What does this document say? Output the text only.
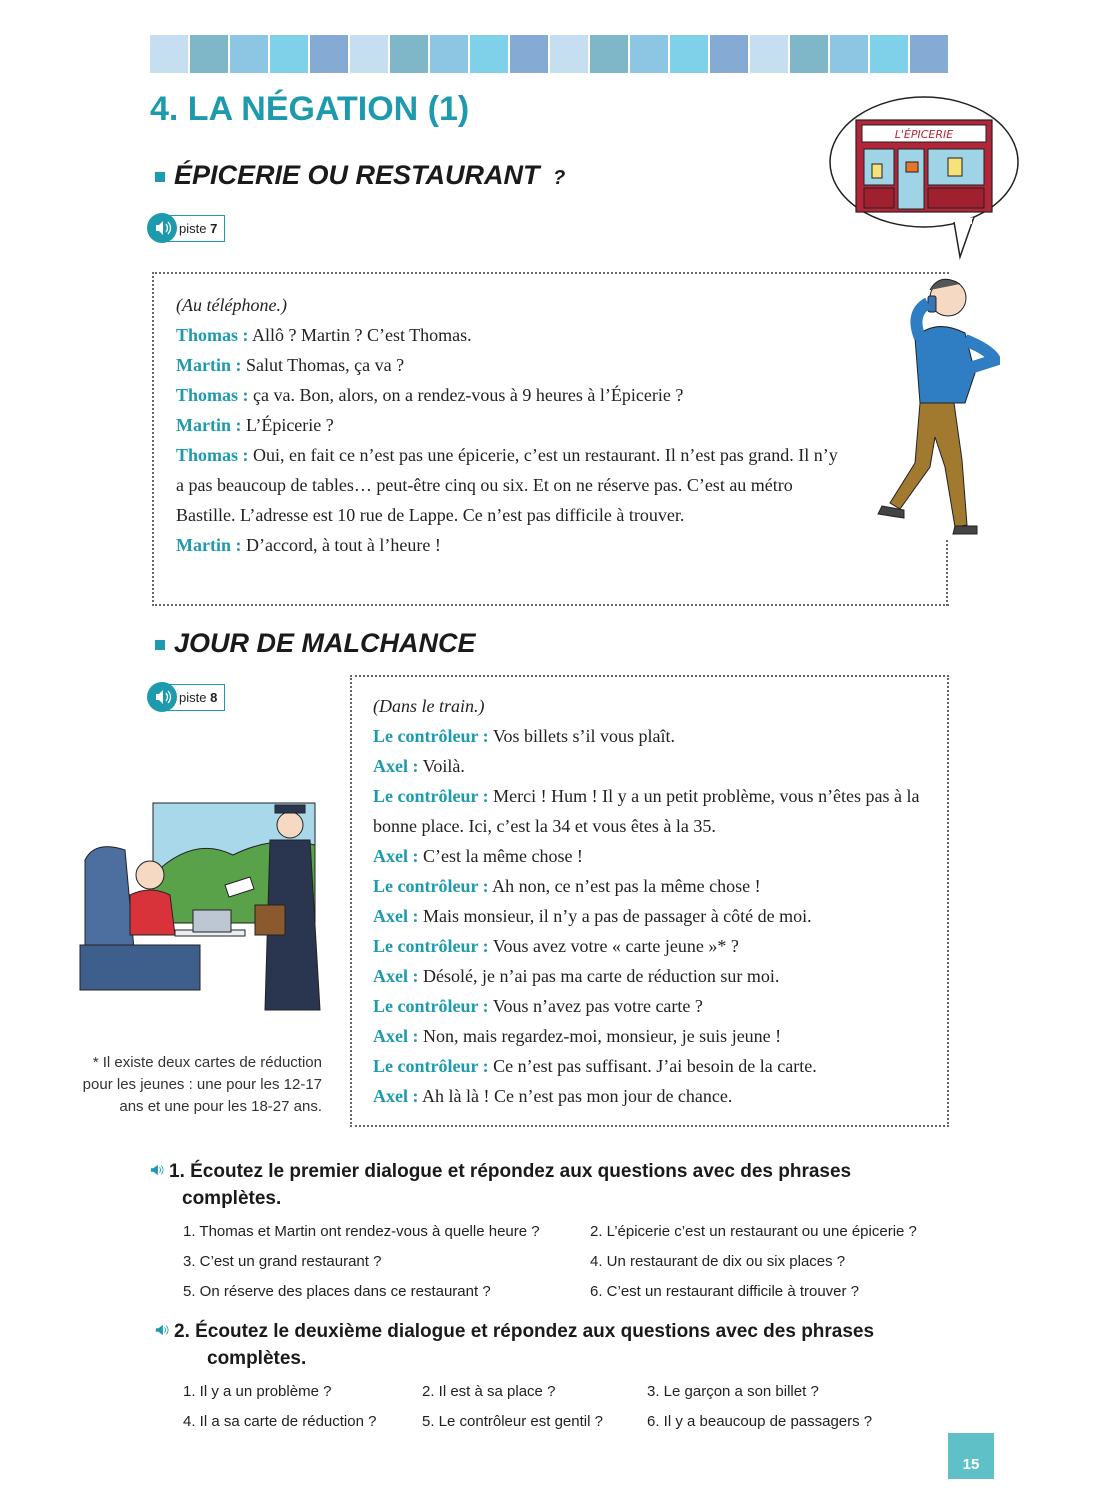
4. LA NÉGATION (1)
ÉPICERIE OU RESTAURANT ?
L'ÉPICERIE
piste 7

(Au téléphone.)

Thomas : Allô ? Martin ? C’est Thomas.

Martin : Salut Thomas, ça va ?

Thomas : ça va. Bon, alors, on a rendez-vous à 9 heures à l’Épicerie ?

Martin : L’Épicerie ?

Thomas : Oui, en fait ce n’est pas une épicerie, c’est un restaurant. Il n’est pas grand. Il n’y a pas beaucoup de tables… peut-être cinq ou six. Et on ne réserve pas. C’est au métro Bastille. L’adresse est 10 rue de Lappe. Ce n’est pas difficile à trouver.

Martin : D’accord, à tout à l’heure !

JOUR DE MALCHANCE
piste 8
* Il existe deux cartes de réduction pour les jeunes : une pour les 12-17 ans et une pour les 18-27 ans.

(Dans le train.)

Le contrôleur : Vos billets s’il vous plaît.

Axel : Voilà.

Le contrôleur : Merci ! Hum ! Il y a un petit problème, vous n’êtes pas à la bonne place. Ici, c’est la 34 et vous êtes à la 35.

Axel : C’est la même chose !

Le contrôleur : Ah non, ce n’est pas la même chose !

Axel : Mais monsieur, il n’y a pas de passager à côté de moi.

Le contrôleur : Vous avez votre « carte jeune »* ?

Axel : Désolé, je n’ai pas ma carte de réduction sur moi.

Le contrôleur : Vous n’avez pas votre carte ?

Axel : Non, mais regardez-moi, monsieur, je suis jeune !

Le contrôleur : Ce n’est pas suffisant. J’ai besoin de la carte.

Axel : Ah là là ! Ce n’est pas mon jour de chance.

1. Écoutez le premier dialogue et répondez aux questions avec des phrases
complètes.
1. Thomas et Martin ont rendez-vous à quelle heure ?	2. L’épicerie c’est un restaurant ou une épicerie ?
3. C’est un grand restaurant ?	4. Un restaurant de dix ou six places ?
5. On réserve des places dans ce restaurant ?	6. C’est un restaurant difficile à trouver ?
2. Écoutez le deuxième dialogue et répondez aux questions avec des phrases
complètes.
1. Il y a un problème ?	2. Il est à sa place ?	3. Le garçon a son billet ?
4. Il a sa carte de réduction ?	5. Le contrôleur est gentil ?	6. Il y a beaucoup de passagers ?
15
